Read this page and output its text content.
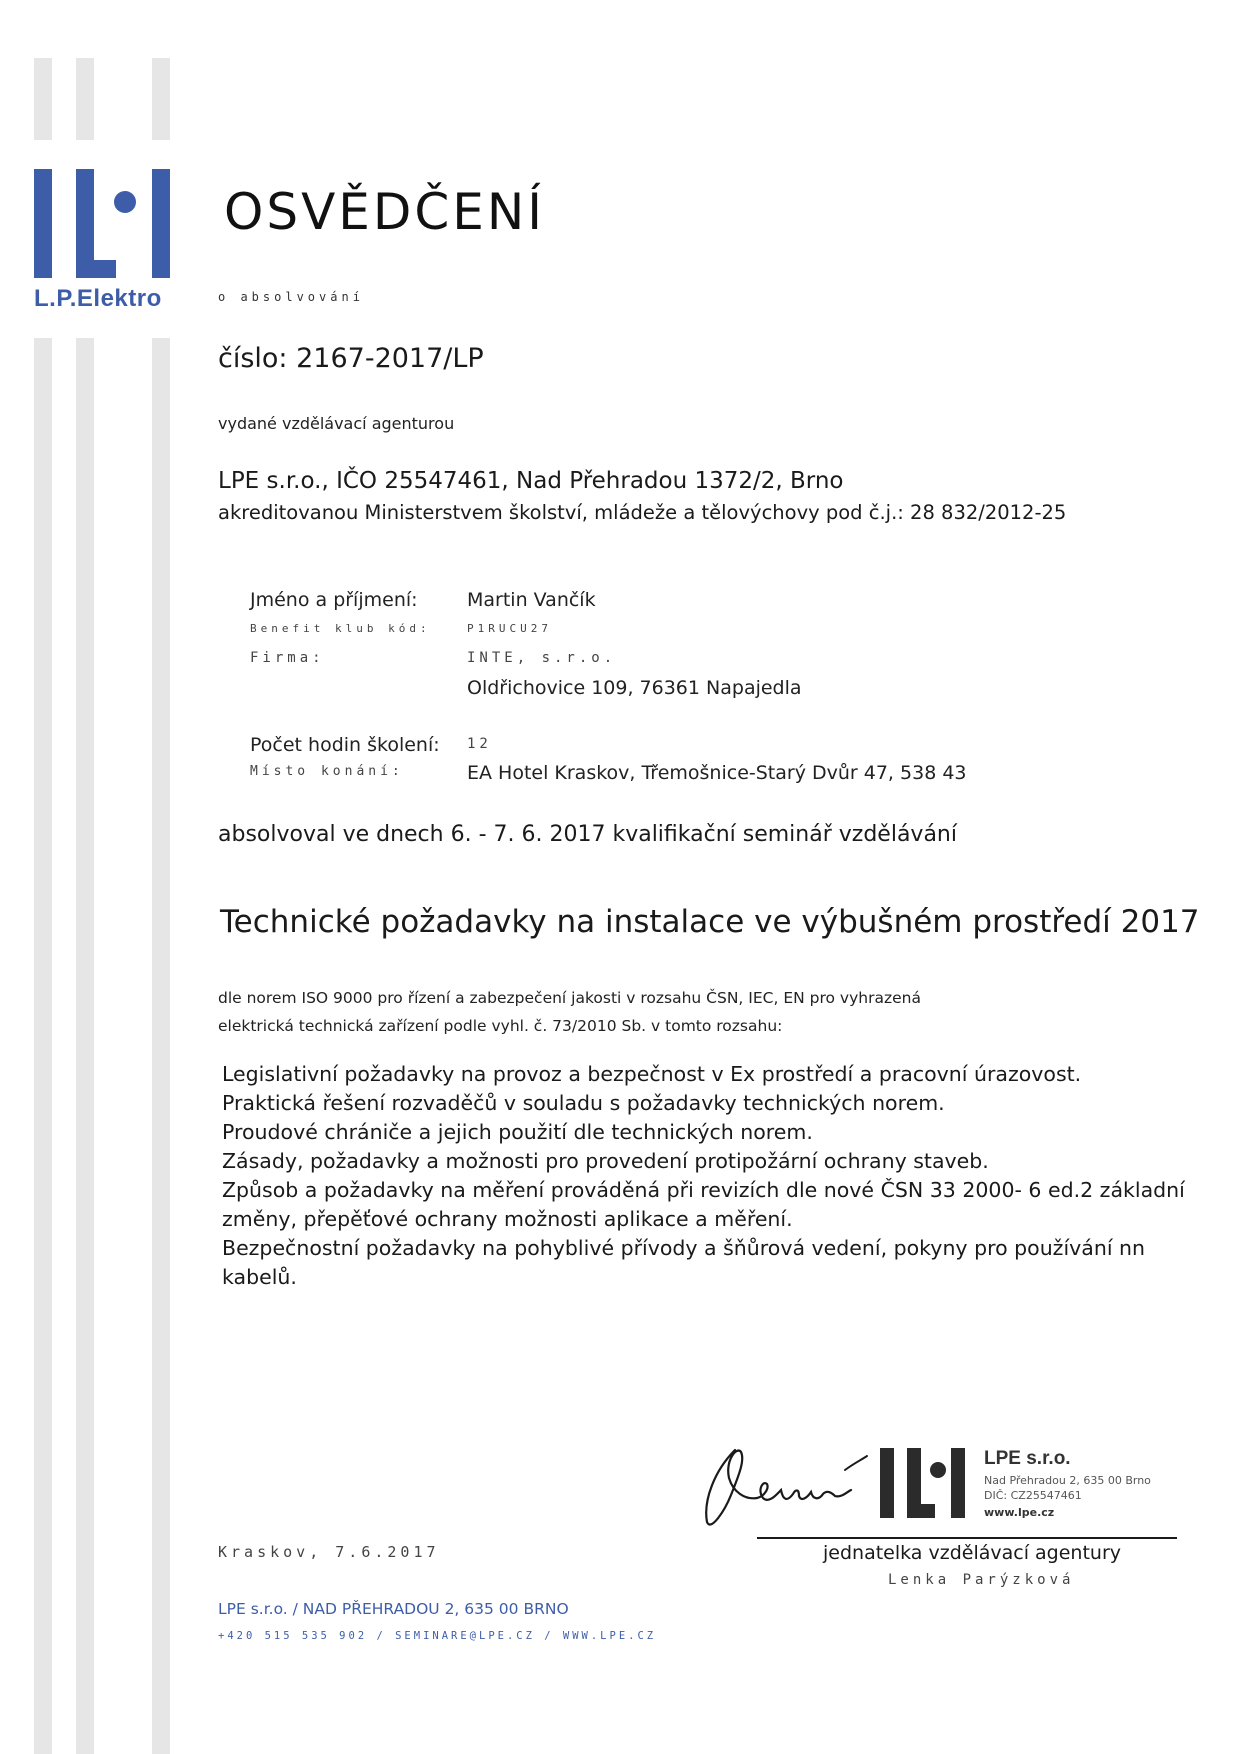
L.P.Elektro
OSVĚDČENÍ
o absolvování
číslo: 2167-2017/LP
vydané vzdělávací agenturou
LPE s.r.o., IČO 25547461, Nad Přehradou 1372/2, Brno
akreditovanou Ministerstvem školství, mládeže a tělovýchovy pod č.j.: 28 832/2012-25
Jméno a příjmení:	Martin Vančík
Benefit klub kód:	P1RUCU27
Firma:	INTE, s.r.o.
Oldřichovice 109, 76361 Napajedla
Počet hodin školení: 12
Místo konání:	EA Hotel Kraskov, Třemošnice-Starý Dvůr 47, 538 43
absolvoval ve dnech 6. - 7. 6. 2017 kvalifikační seminář vzdělávání
Technické požadavky na instalace ve výbušném prostředí 2017
dle norem ISO 9000 pro řízení a zabezpečení jakosti v rozsahu ČSN, IEC, EN pro vyhrazená
elektrická technická zařízení podle vyhl. č. 73/2010 Sb. v tomto rozsahu:
Legislativní požadavky na provoz a bezpečnost v Ex prostředí a pracovní úrazovost.
Praktická řešení rozvaděčů v souladu s požadavky technických norem.
Proudové chrániče a jejich použití dle technických norem.
Zásady, požadavky a možnosti pro provedení protipožární ochrany staveb.
Způsob a požadavky na měření prováděná při revizích dle nové ČSN 33 2000- 6 ed.2 základní
změny, přepěťové ochrany možnosti aplikace a měření.
Bezpečnostní požadavky na pohyblivé přívody a šňůrová vedení, pokyny pro používání nn
kabelů.
LPE s.r.o.
Nad Přehradou 2, 635 00 Brno
DIČ: CZ25547461
www.lpe.cz
jednatelka vzdělávací agentury
Lenka Parýzková
Kraskov, 7.6.2017
LPE s.r.o. / NAD PŘEHRADOU 2, 635 00 BRNO
+420 515 535 902 / SEMINARE@LPE.CZ / WWW.LPE.CZ
